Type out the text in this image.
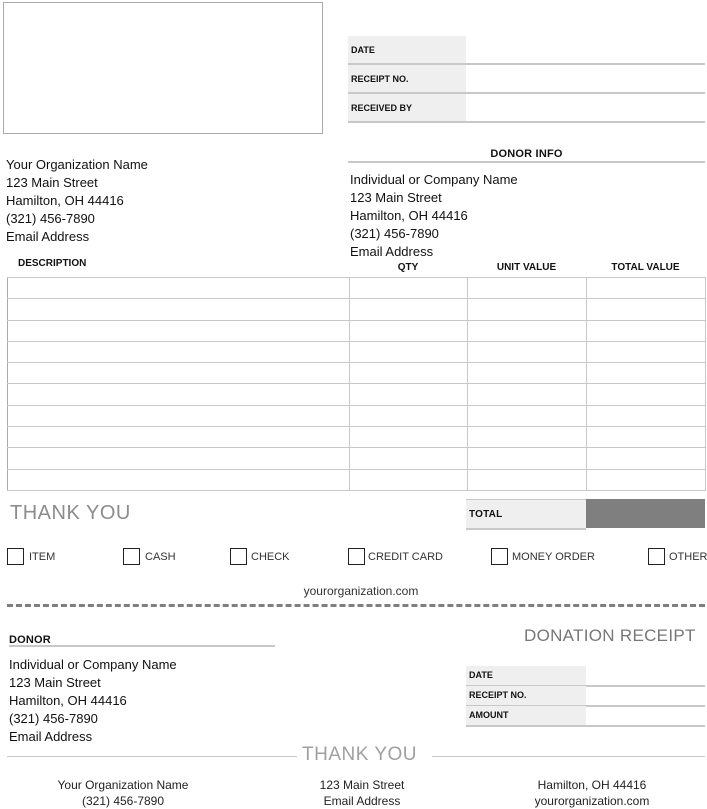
DATE
RECEIPT NO.
RECEIVED BY
Your Organization Name
123 Main Street
Hamilton, OH 44416
(321) 456-7890
Email Address
DONOR INFO
Individual or Company Name
123 Main Street
Hamilton, OH 44416
(321) 456-7890
Email Address
DESCRIPTION	QTY	UNIT VALUE	TOTAL VALUE

TOTAL
THANK YOU
ITEM	CASH	CHECK	CREDIT CARD	MONEY ORDER	OTHER
yourorganization.com
DONOR
Individual or Company Name
123 Main Street
Hamilton, OH 44416
(321) 456-7890
Email Address
DONATION RECEIPT
DATE
RECEIPT NO.
AMOUNT
THANK YOU
Your Organization Name
(321) 456-7890
123 Main Street
Email Address
Hamilton, OH 44416
yourorganization.com
